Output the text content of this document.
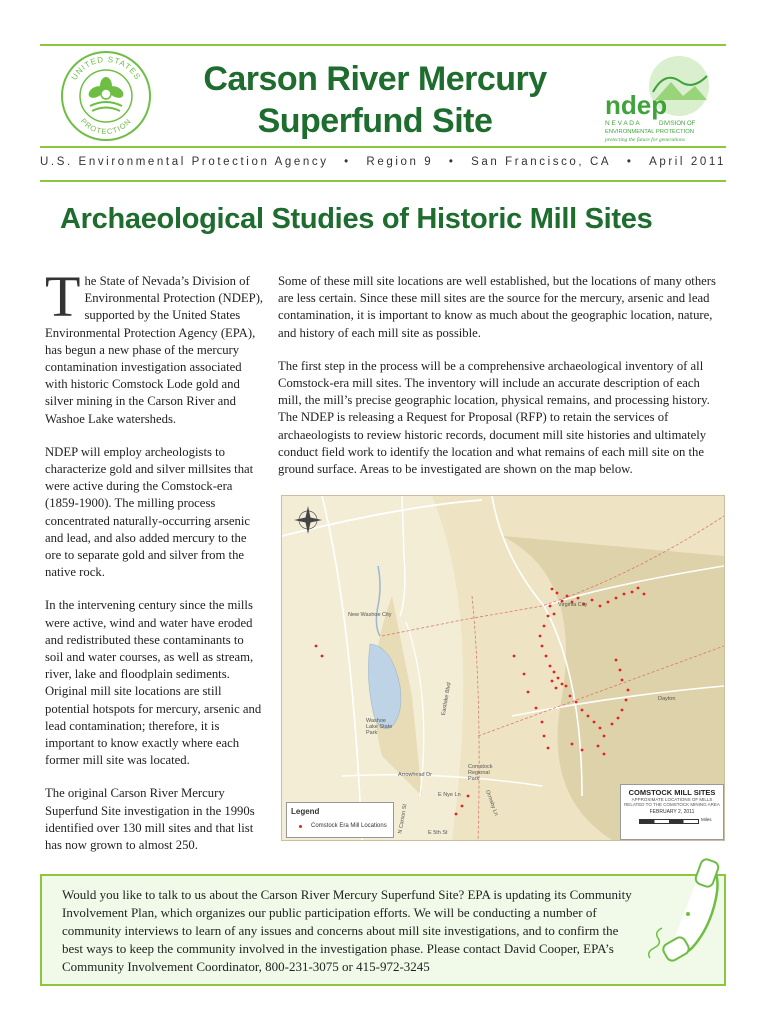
UNITED STATES
PROTECTION
Carson River Mercury
Superfund Site	ndep
N E V A D A	DIVISION OF
ENVIRONMENTAL PROTECTION
protecting the future for generations
U.S. Environmental Protection Agency • Region 9 • San Francisco, CA • April 2011
Archaeological Studies of Historic Mill Sites

The State of Nevada’s Division of Environmental Protection (NDEP), supported by the United States Environmental Protection Agency (EPA), has begun a new phase of the mercury contamination investigation associated with historic Comstock Lode gold and silver mining in the Carson River and Washoe Lake watersheds.

NDEP will employ archeologists to characterize gold and silver millsites that were active during the Comstock-era (1859-1900). The milling process concentrated naturally-occurring arsenic and lead, and also added mercury to the ore to separate gold and silver from the native rock.

In the intervening century since the mills were active, wind and water have eroded and redistributed these contaminants to soil and water courses, as well as stream, river, lake and floodplain sediments. Original mill site locations are still potential hotspots for mercury, arsenic and lead contamination; therefore, it is important to know exactly where each former mill site was located.

The original Carson River Mercury Superfund Site investigation in the 1990s identified over 130 mill sites and that list has now grown to almost 250.

Some of these mill site locations are well established, but the locations of many others are less certain. Since these mill sites are the source for the mercury, arsenic and lead contamination, it is important to know as much about the geographic location, nature, and history of each mill site as possible.

The first step in the process will be a comprehensive archaeological inventory of all Comstock-era mill sites. The inventory will include an accurate description of each mill, the mill’s precise geographic location, physical remains, and processing history. The NDEP is releasing a Request for Proposal (RFP) to retain the services of archaeologists to review historic records, document mill site histories and ultimately conduct field work to identify the location and what remains of each mill site on the ground surface. Areas to be investigated are shown on the map below.

New Washoe City
Virginia City
Dayton
Eastlake Blvd
Washoe Lake State Park
Arrowhead Dr
E Nye Ln
N Carson St	E 5th St
Comstock Regional Park
Ormsby Ln
Legend
Comstock Era Mill Locations
COMSTOCK MILL SITES
APPROXIMATE LOCATIONS OF MILLS
RELATED TO THE COMSTOCK MINING AREA
FEBRUARY 2, 2011
Miles
Would you like to talk to us about the Carson River Mercury Superfund Site? EPA is updating its Community Involvement Plan, which organizes our public participation efforts. We will be conducting a number of community interviews to learn of any issues and concerns about mill site investigations, and to confirm the best ways to keep the community involved in the investigation phase. Please contact David Cooper, EPA’s Community Involvement Coordinator, 800-231-3075 or 415-972-3245
